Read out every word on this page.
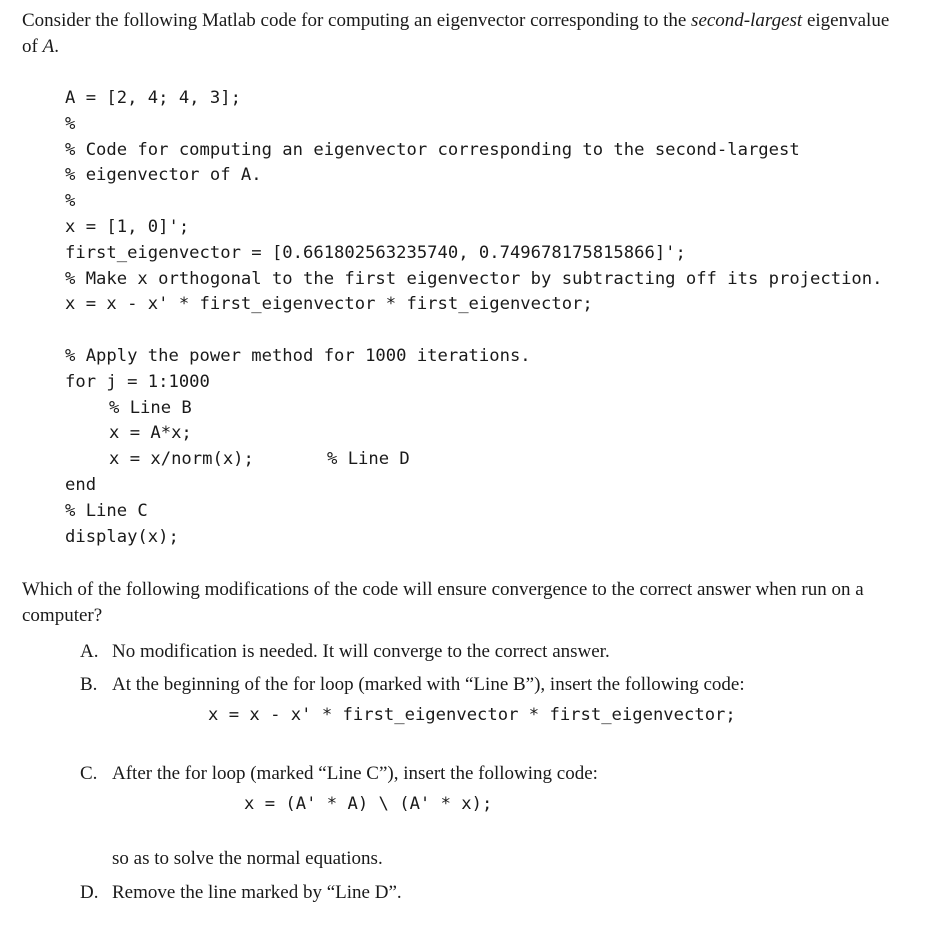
Consider the following Matlab code for computing an eigenvector corresponding to the second-largest eigenvalue of A.

A = [2, 4; 4, 3];
%
% Code for computing an eigenvector corresponding to the second-largest
% eigenvector of A.
%
x = [1, 0]';
first_eigenvector = [0.661802563235740, 0.749678175815866]';
% Make x orthogonal to the first eigenvector by subtracting off its projection.
x = x - x' * first_eigenvector * first_eigenvector;
% Apply the power method for 1000 iterations.
for j = 1:1000
% Line B
x = A*x;
x = x/norm(x);	% Line D
end
% Line C
display(x);

Which of the following modifications of the code will ensure convergence to the correct answer when run on a computer?

A. No modification is needed. It will converge to the correct answer.
B. At the beginning of the for loop (marked with “Line B”), insert the following code:
x = x - x' * first_eigenvector * first_eigenvector;
C. After the for loop (marked “Line C”), insert the following code:
x = (A' * A) \ (A' * x);
so as to solve the normal equations.
D. Remove the line marked by “Line D”.
